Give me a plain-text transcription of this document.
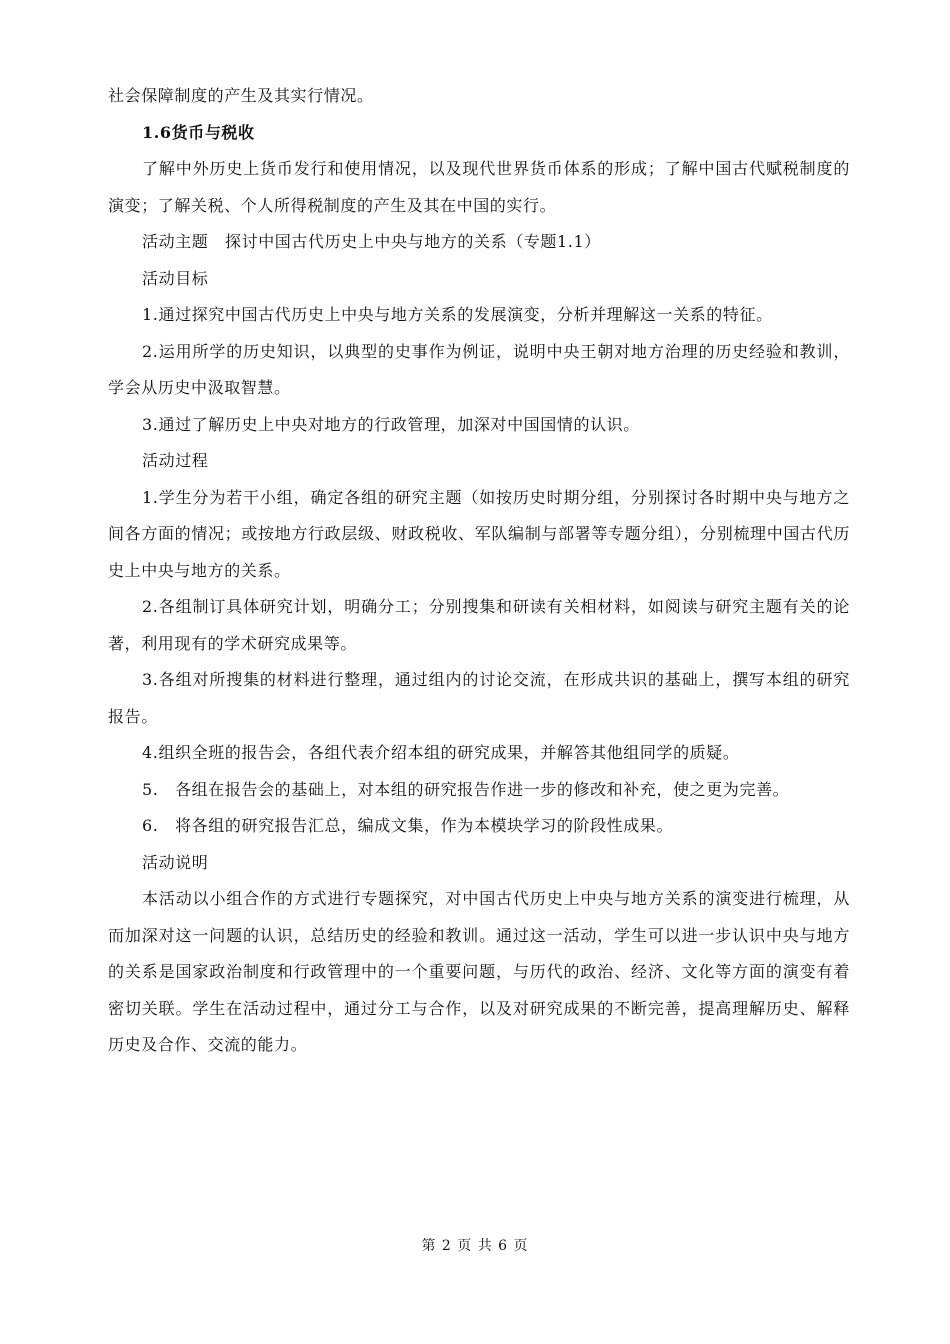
社会保障制度的产生及其实行情况。

1.6货币与税收

了解中外历史上货币发行和使用情况，以及现代世界货币体系的形成；了解中国古代赋税制度的演变；了解关税、个人所得税制度的产生及其在中国的实行。

活动主题　探讨中国古代历史上中央与地方的关系（专题1.1）

活动目标

1.通过探究中国古代历史上中央与地方关系的发展演变，分析并理解这一关系的特征。

2.运用所学的历史知识，以典型的史事作为例证，说明中央王朝对地方治理的历史经验和教训，学会从历史中汲取智慧。

3.通过了解历史上中央对地方的行政管理，加深对中国国情的认识。

活动过程

1.学生分为若干小组，确定各组的研究主题（如按历史时期分组，分别探讨各时期中央与地方之间各方面的情况；或按地方行政层级、财政税收、军队编制与部署等专题分组），分别梳理中国古代历史上中央与地方的关系。

2.各组制订具体研究计划，明确分工；分别搜集和研读有关相材料，如阅读与研究主题有关的论著，利用现有的学术研究成果等。

3.各组对所搜集的材料进行整理，通过组内的讨论交流，在形成共识的基础上，撰写本组的研究报告。

4.组织全班的报告会，各组代表介绍本组的研究成果，并解答其他组同学的质疑。

5.　各组在报告会的基础上，对本组的研究报告作进一步的修改和补充，使之更为完善。

6.　将各组的研究报告汇总，编成文集，作为本模块学习的阶段性成果。

活动说明

本活动以小组合作的方式进行专题探究，对中国古代历史上中央与地方关系的演变进行梳理，从而加深对这一问题的认识，总结历史的经验和教训。通过这一活动，学生可以进一步认识中央与地方的关系是国家政治制度和行政管理中的一个重要问题，与历代的政治、经济、文化等方面的演变有着密切关联。学生在活动过程中，通过分工与合作，以及对研究成果的不断完善，提高理解历史、解释历史及合作、交流的能力。

第 2 页 共 6 页
